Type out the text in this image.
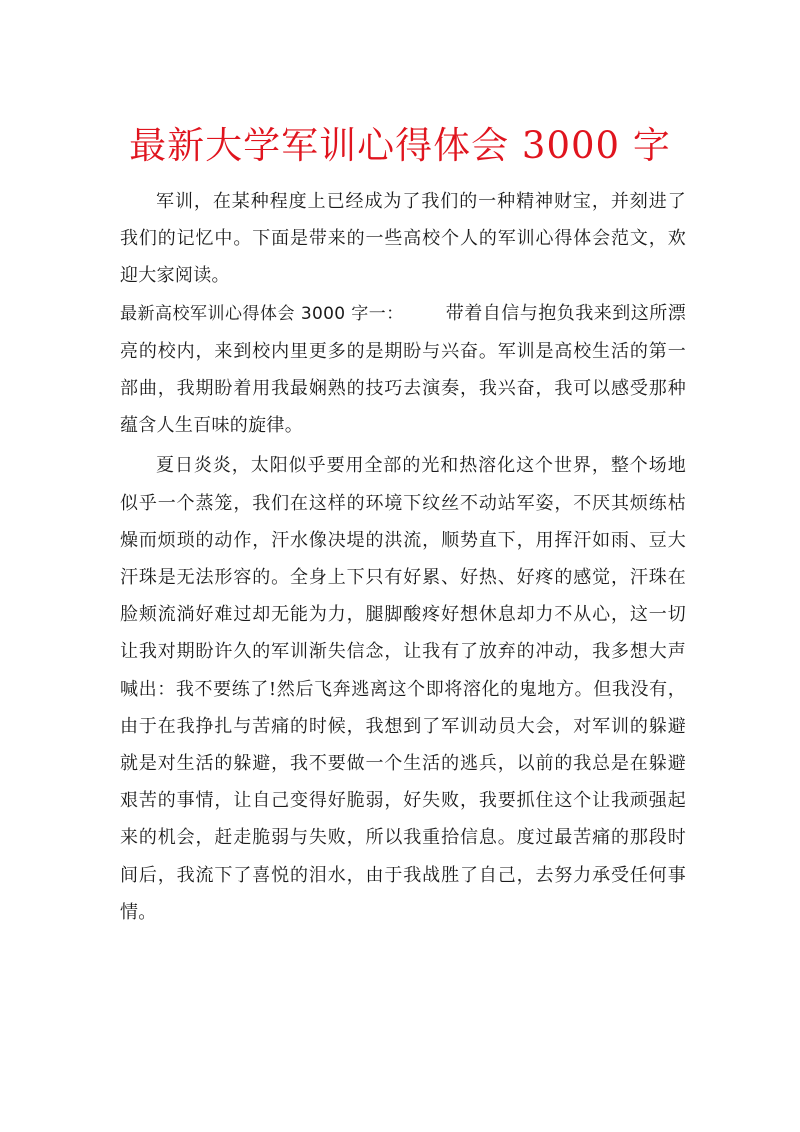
最新大学军训心得体会 3000 字

军训，在某种程度上已经成为了我们的一种精神财宝，并刻进了我们的记忆中。下面是带来的一些高校个人的军训心得体会范文，欢迎大家阅读。

最新高校军训心得体会 3000 字一： 带着自信与抱负我来到这所漂亮的校内，来到校内里更多的是期盼与兴奋。军训是高校生活的第一部曲，我期盼着用我最娴熟的技巧去演奏，我兴奋，我可以感受那种蕴含人生百味的旋律。

夏日炎炎，太阳似乎要用全部的光和热溶化这个世界，整个场地似乎一个蒸笼，我们在这样的环境下纹丝不动站军姿，不厌其烦练枯燥而烦琐的动作，汗水像决堤的洪流，顺势直下，用挥汗如雨、豆大汗珠是无法形容的。全身上下只有好累、好热、好疼的感觉，汗珠在脸颊流淌好难过却无能为力，腿脚酸疼好想休息却力不从心，这一切让我对期盼许久的军训渐失信念，让我有了放弃的冲动，我多想大声喊出：我不要练了!然后飞奔逃离这个即将溶化的鬼地方。但我没有，由于在我挣扎与苦痛的时候，我想到了军训动员大会，对军训的躲避就是对生活的躲避，我不要做一个生活的逃兵，以前的我总是在躲避艰苦的事情，让自己变得好脆弱，好失败，我要抓住这个让我顽强起来的机会，赶走脆弱与失败，所以我重拾信息。度过最苦痛的那段时间后，我流下了喜悦的泪水，由于我战胜了自己，去努力承受任何事情。
